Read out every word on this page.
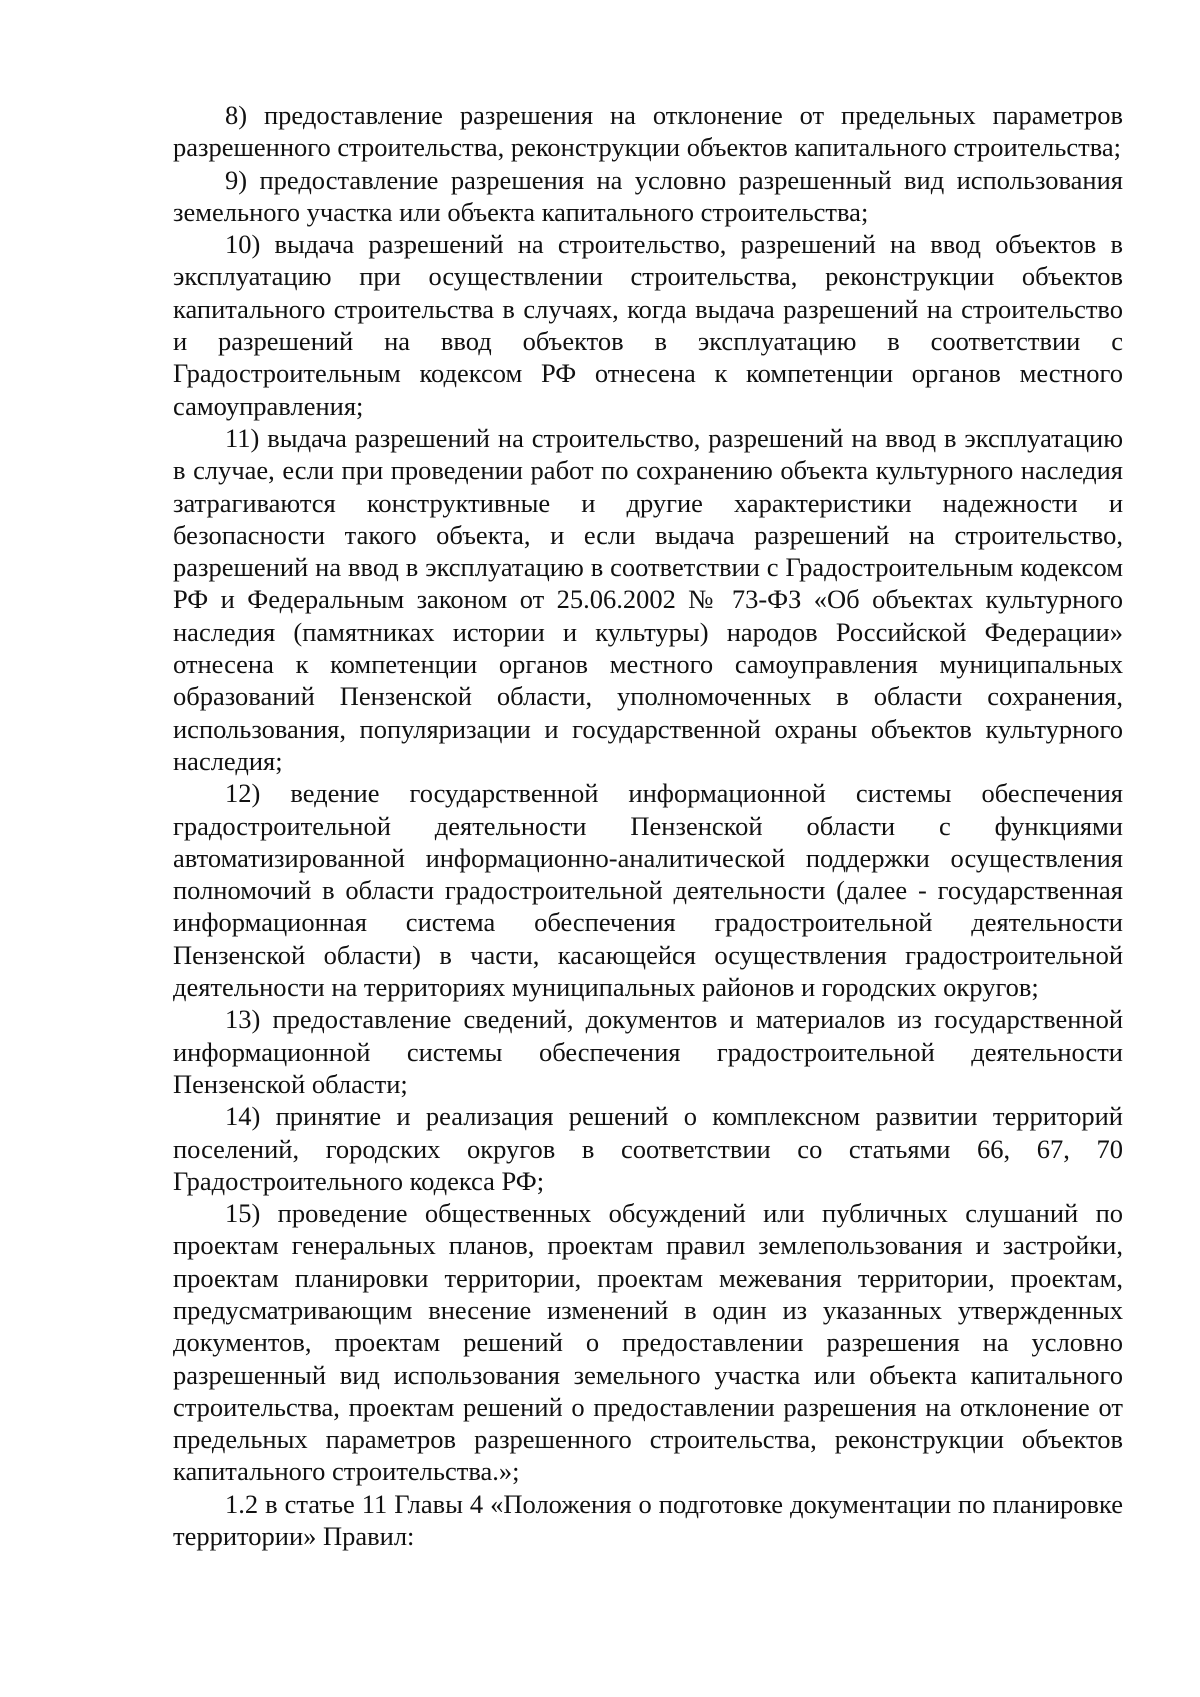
8) предоставление разрешения на отклонение от предельных параметров разрешенного строительства, реконструкции объектов капитального строительства;

9) предоставление разрешения на условно разрешенный вид использования земельного участка или объекта капитального строительства;

10) выдача разрешений на строительство, разрешений на ввод объектов в эксплуатацию при осуществлении строительства, реконструкции объектов капитального строительства в случаях, когда выдача разрешений на строительство и разрешений на ввод объектов в эксплуатацию в соответствии с Градостроительным кодексом РФ отнесена к компетенции органов местного самоуправления;

11) выдача разрешений на строительство, разрешений на ввод в эксплуатацию в случае, если при проведении работ по сохранению объекта культурного наследия затрагиваются конструктивные и другие характеристики надежности и безопасности такого объекта, и если выдача разрешений на строительство, разрешений на ввод в эксплуатацию в соответствии с Градостроительным кодексом РФ и Федеральным законом от 25.06.2002 № 73-ФЗ «Об объектах культурного наследия (памятниках истории и культуры) народов Российской Федерации» отнесена к компетенции органов местного самоуправления муниципальных образований Пензенской области, уполномоченных в области сохранения, использования, популяризации и государственной охраны объектов культурного наследия;

12) ведение государственной информационной системы обеспечения градостроительной деятельности Пензенской области с функциями автоматизированной информационно-аналитической поддержки осуществления полномочий в области градостроительной деятельности (далее - государственная информационная система обеспечения градостроительной деятельности Пензенской области) в части, касающейся осуществления градостроительной деятельности на территориях муниципальных районов и городских округов;

13) предоставление сведений, документов и материалов из государственной информационной системы обеспечения градостроительной деятельности Пензенской области;

14) принятие и реализация решений о комплексном развитии территорий поселений, городских округов в соответствии со статьями 66, 67, 70 Градостроительного кодекса РФ;

15) проведение общественных обсуждений или публичных слушаний по проектам генеральных планов, проектам правил землепользования и застройки, проектам планировки территории, проектам межевания территории, проектам, предусматривающим внесение изменений в один из указанных утвержденных документов, проектам решений о предоставлении разрешения на условно разрешенный вид использования земельного участка или объекта капитального строительства, проектам решений о предоставлении разрешения на отклонение от предельных параметров разрешенного строительства, реконструкции объектов капитального строительства.»;

1.2 в статье 11 Главы 4 «Положения о подготовке документации по планировке территории» Правил:
